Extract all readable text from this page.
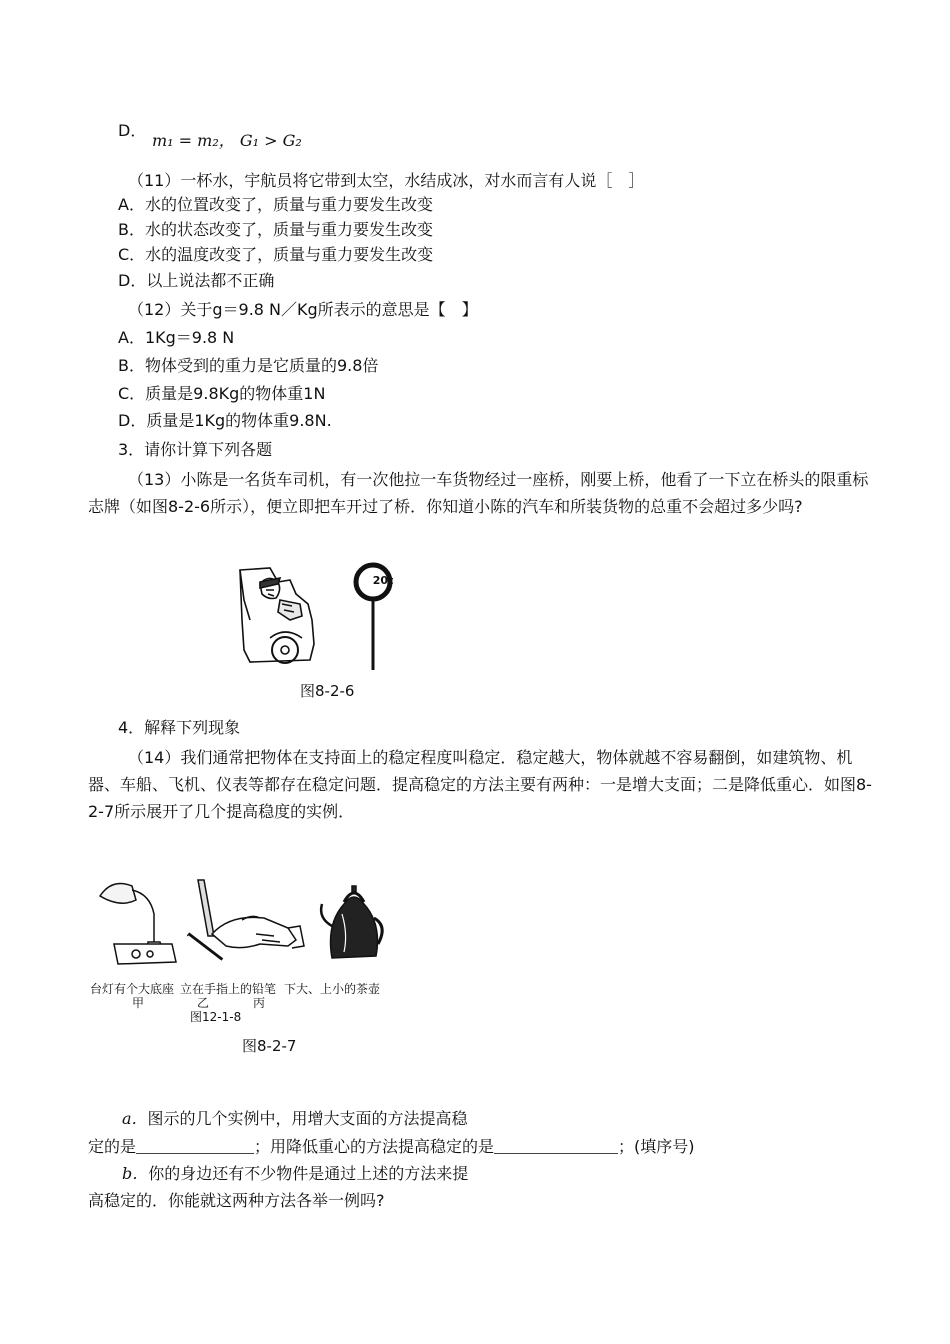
D．
m₁ = m₂， G₁ > G₂
（11）一杯水，宇航员将它带到太空，水结成冰，对水而言有人说［　］
A．水的位置改变了，质量与重力要发生改变
B．水的状态改变了，质量与重力要发生改变
C．水的温度改变了，质量与重力要发生改变
D．以上说法都不正确
（12）关于g＝9.8 N／Kg所表示的意思是【　】
A．1Kg＝9.8 N
B．物体受到的重力是它质量的9.8倍
C．质量是9.8Kg的物体重1N
D．质量是1Kg的物体重9.8N.
3．请你计算下列各题
（13）小陈是一名货车司机，有一次他拉一车货物经过一座桥，刚要上桥，他看了一下立在桥头的限重标志牌（如图8-2-6所示），便立即把车开过了桥．你知道小陈的汽车和所装货物的总重不会超过多少吗?
20t
图8-2-6
4．解释下列现象
（14）我们通常把物体在支持面上的稳定程度叫稳定．稳定越大，物体就越不容易翻倒，如建筑物、机器、车船、飞机、仪表等都存在稳定问题．提高稳定的方法主要有两种：一是增大支面；二是降低重心．如图8-2-7所示展开了几个提高稳度的实例．
台灯有个大底座
甲
立在手指上的铅笔
乙
下大、上小的茶壶
丙
图12-1-8
图8-2-7
a．图示的几个实例中，用增大支面的方法提高稳
定的是	；用降低重心的方法提高稳定的是	；(填序号)
b．你的身边还有不少物件是通过上述的方法来提
高稳定的．你能就这两种方法各举一例吗?
